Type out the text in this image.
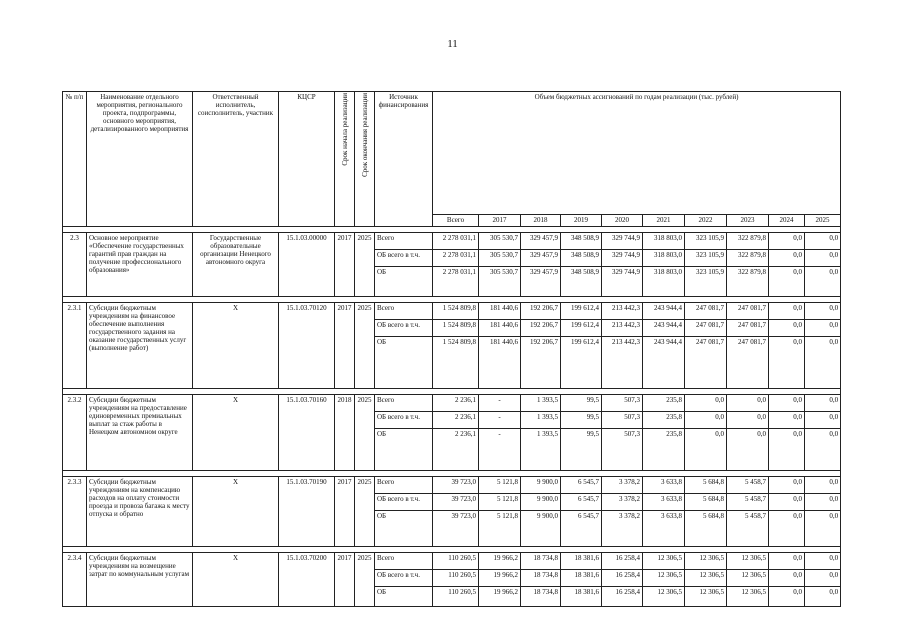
11
№ п/п	Наименование отдельного мероприятия, регионального проекта, подпрограммы, основного мероприятия, детализированного мероприятия	Ответственный исполнитель, соисполнитель, участник	КЦСР	Срок начала реализации	Срок окончания реализации	Источник финансирования	Объем бюджетных ассигнований по годам реализации (тыс. рублей)									
							Всего	2017	2018	2019	2020	2021	2022	2023	2024	2025

2.3	Основное мероприятие «Обеспечение государственных гарантий прав граждан на получение профессионального образования»	Государственные образовательные организации Ненецкого автономного округа	15.1.03.00000	2017	2025	Всего	2 278 031,1	305 530,7	329 457,9	348 508,9	329 744,9	318 803,0	323 105,9	322 879,8	0,0	0,0
						ОБ всего в т.ч.	2 278 031,1	305 530,7	329 457,9	348 508,9	329 744,9	318 803,0	323 105,9	322 879,8	0,0	0,0
						ОБ	2 278 031,1	305 530,7	329 457,9	348 508,9	329 744,9	318 803,0	323 105,9	322 879,8	0,0	0,0

2.3.1	Субсидии бюджетным учреждениям на финансовое обеспечение выполнения государственного задания на оказание государственных услуг (выполнение работ)	X	15.1.03.70120	2017	2025	Всего	1 524 809,8	181 440,6	192 206,7	199 612,4	213 442,3	243 944,4	247 081,7	247 081,7	0,0	0,0
						ОБ всего в т.ч.	1 524 809,8	181 440,6	192 206,7	199 612,4	213 442,3	243 944,4	247 081,7	247 081,7	0,0	0,0
						ОБ	1 524 809,8	181 440,6	192 206,7	199 612,4	213 442,3	243 944,4	247 081,7	247 081,7	0,0	0,0

2.3.2	Субсидии бюджетным учреждениям на предоставление единовременных премиальных выплат за стаж работы в Ненецком автономном округе	X	15.1.03.70160	2018	2025	Всего	2 236,1	-	1 393,5	99,5	507,3	235,8	0,0	0,0	0,0	0,0
						ОБ всего в т.ч.	2 236,1	-	1 393,5	99,5	507,3	235,8	0,0	0,0	0,0	0,0
						ОБ	2 236,1	-	1 393,5	99,5	507,3	235,8	0,0	0,0	0,0	0,0

2.3.3	Субсидии бюджетным учреждениям на компенсацию расходов на оплату стоимости проезда и провоза багажа к месту отпуска и обратно	X	15.1.03.70190	2017	2025	Всего	39 723,0	5 121,8	9 900,0	6 545,7	3 378,2	3 633,8	5 684,8	5 458,7	0,0	0,0
						ОБ всего в т.ч.	39 723,0	5 121,8	9 900,0	6 545,7	3 378,2	3 633,8	5 684,8	5 458,7	0,0	0,0
						ОБ	39 723,0	5 121,8	9 900,0	6 545,7	3 378,2	3 633,8	5 684,8	5 458,7	0,0	0,0

2.3.4	Субсидии бюджетным учреждениям на возмещение затрат по коммунальным услугам	X	15.1.03.70200	2017	2025	Всего	110 260,5	19 966,2	18 734,8	18 381,6	16 258,4	12 306,5	12 306,5	12 306,5	0,0	0,0
						ОБ всего в т.ч.	110 260,5	19 966,2	18 734,8	18 381,6	16 258,4	12 306,5	12 306,5	12 306,5	0,0	0,0
						ОБ	110 260,5	19 966,2	18 734,8	18 381,6	16 258,4	12 306,5	12 306,5	12 306,5	0,0	0,0
